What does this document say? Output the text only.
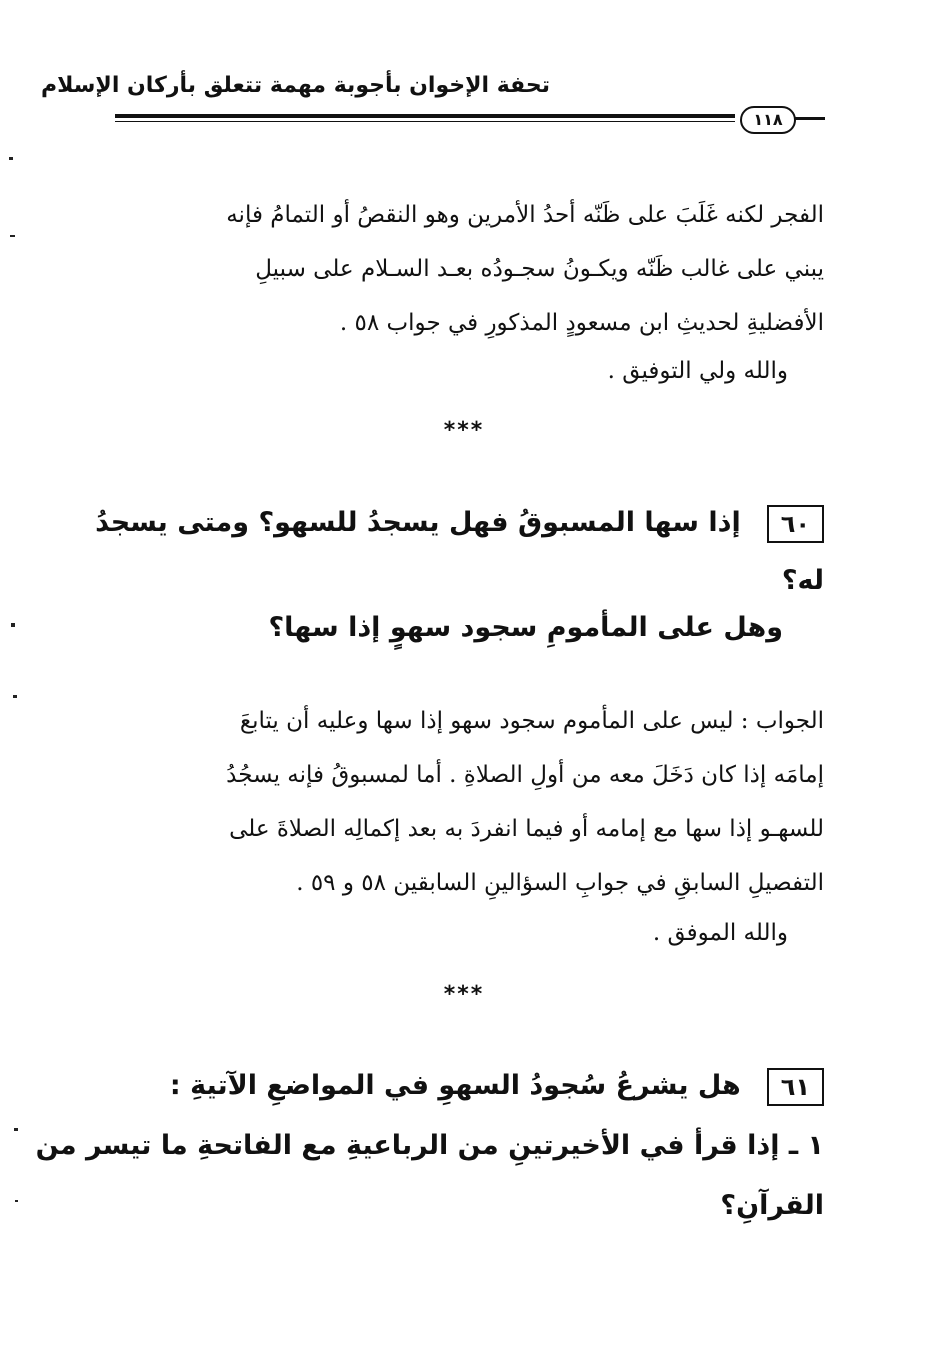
تحفة الإخوان بأجوبة مهمة تتعلق بأركان الإسلام
١١٨
الفجر لكنه غَلَبَ على ظَنّه أحدُ الأمرين وهو النقصُ أو التمامُ فإنه
يبني على غالب ظَنّه ويكـونُ سجـودُه بعـد السـلام على سبيلِ
الأفضليةِ لحديثِ ابن مسعودٍ المذكورِ في جواب ٥٨ .
والله ولي التوفيق .
***
٦٠إذا سها المسبوقُ فهل يسجدُ للسهو؟ ومتى يسجدُ
له؟
وهل على المأمومِ سجود سهوٍ إذا سها؟
الجواب : ليس على المأموم سجود سهو إذا سها وعليه أن يتابعَ
إمامَه إذا كان دَخَلَ معه من أولِ الصلاةِ . أما لمسبوقُ فإنه يسجُدُ
للسهـو إذا سها مع إمامه أو فيما انفردَ به بعد إكمالِه الصلاةَ على
التفصيلِ السابقِ في جوابِ السؤالينِ السابقين ٥٨ و ٥٩ .
والله الموفق .
***
٦١هل يشرعُ سُجودُ السهوِ في المواضعِ الآتيةِ :
١ ـ إذا قرأ في الأخيرتينِ من الرباعيةِ مع الفاتحةِ ما تيسر من
القرآنِ؟
